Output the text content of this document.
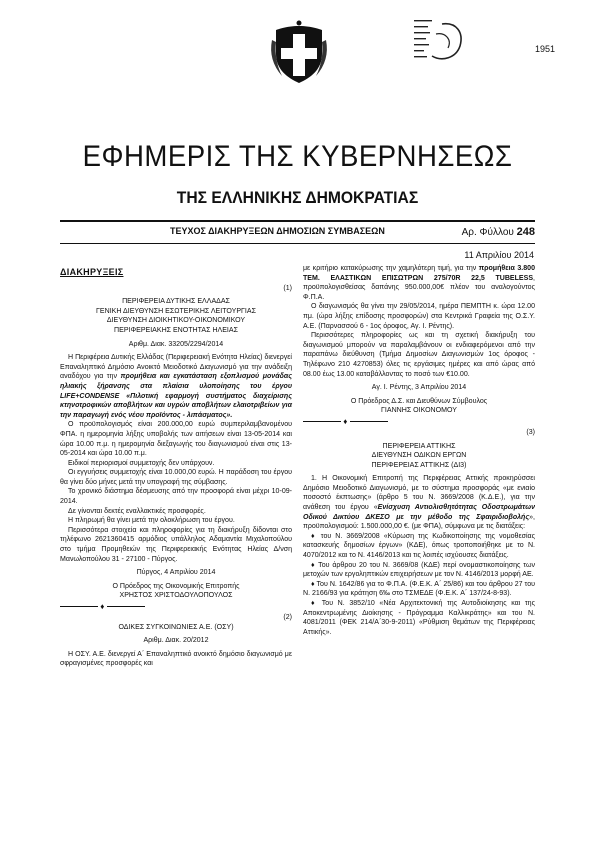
1951
ΕΦΗΜΕΡΙΣ ΤΗΣ ΚΥΒΕΡΝΗΣΕΩΣ
ΤΗΣ ΕΛΛΗΝΙΚΗΣ ΔΗΜΟΚΡΑΤΙΑΣ
ΤΕΥΧΟΣ ΔΙΑΚΗΡΥΞΕΩΝ ΔΗΜΟΣΙΩΝ ΣΥΜΒΑΣΕΩΝ	Αρ. Φύλλου 248
11 Απριλίου 2014

ΔΙΑΚΗΡΥΞΕΙΣ

(1)

ΠΕΡΙΦΕΡΕΙΑ ΔΥΤΙΚΗΣ ΕΛΛΑΔΑΣ

ΓΕΝΙΚΗ ΔΙΕΥΘΥΝΣΗ ΕΣΩΤΕΡΙΚΗΣ ΛΕΙΤΟΥΡΓΙΑΣ

ΔΙΕΥΘΥΝΣΗ ΔΙΟΙΚΗΤΙΚΟΥ-ΟΙΚΟΝΟΜΙΚΟΥ

ΠΕΡΙΦΕΡΕΙΑΚΗΣ ΕΝΟΤΗΤΑΣ ΗΛΕΙΑΣ

Αριθμ. Διακ. 33205/2294/2014

Η Περιφέρεια Δυτικής Ελλάδας (Περιφερειακή Ενότητα Ηλείας) διενεργεί Επαναληπτικό Δημόσιο Ανοικτό Μειοδοτικό Διαγωνισμό για την ανάδειξη αναδόχου για την προμήθεια και εγκατάσταση εξοπλισμού μονάδας ηλιακής ξήρανσης στα πλαίσια υλοποίησης του έργου LIFE+CONDENSE «Πιλοτική εφαρμογή συστήματος διαχείρισης κτηνοτροφικών αποβλήτων και υγρών αποβλήτων ελαιοτριβείων για την παραγωγή ενός νέου προϊόντος - λιπάσματος».

Ο προϋπολογισμός είναι 200.000,00 ευρώ συμπεριλαμβανομένου ΦΠΑ. η ημερομηνία λήξης υποβολής των αιτήσεων είναι 13-05-2014 και ώρα 10.00 π.μ. η ημερομηνία διεξαγωγής του διαγωνισμού είναι στις 13-05-2014 και ώρα 10.00 π.μ.

Ειδικοί περιορισμοί συμμετοχής δεν υπάρχουν.

Οι εγγυήσεις συμμετοχής είναι 10.000,00 ευρώ. Η παράδοση του έργου θα γίνει δύο μήνες μετά την υπογραφή της σύμβασης.

Το χρονικό διάστημα δέσμευσης από την προσφορά είναι μέχρι 10-09-2014.

Δε γίνονται δεκτές εναλλακτικές προσφορές.

Η πληρωμή θα γίνει μετά την ολοκλήρωση του έργου.

Περισσότερα στοιχεία και πληροφορίες για τη διακήρυξη δίδονται στο τηλέφωνο 2621360415 αρμόδιος υπάλληλος Αδαμαντία Μιχαλοπούλου στο τμήμα Προμηθειών της Περιφερειακής Ενότητας Ηλείας Δ/νση Μανωλοπούλου 31 - 27100 - Πύργος.

Πύργος, 4 Απριλίου 2014

Ο Πρόεδρος της Οικονομικής Επιτροπής

ΧΡΗΣΤΟΣ ΧΡΙΣΤΟΔΟΥΛΟΠΟΥΛΟΣ

♦

(2)

ΟΔΙΚΕΣ ΣΥΓΚΟΙΝΩΝΙΕΣ Α.Ε. (ΟΣΥ)

Αριθμ. Διακ. 20/2012

Η ΟΣΥ. Α.Ε. διενεργεί Α΄ Επαναληπτικό ανοικτό δημόσιο διαγωνισμό με σφραγισμένες προσφορές και

με κριτήριο κατακύρωσης την χαμηλότερη τιμή, για την προμήθεια 3.800 ΤΕΜ. ΕΛΑΣΤΙΚΩΝ ΕΠΙΣΩΤΡΩΝ 275/70R 22,5 TUBELESS, προϋπολογισθείσας δαπάνης 950.000,00€ πλέον του αναλογούντος Φ.Π.Α.

Ο διαγωνισμός θα γίνει την 29/05/2014, ημέρα ΠΕΜΠΤΗ κ. ώρα 12.00 πμ. (ώρα λήξης επίδοσης προσφορών) στα Κεντρικά Γραφεία της Ο.Σ.Υ. Α.Ε. (Παρνασσού 6 - 1ος όροφος, Αγ. Ι. Ρέντης).

Περισσότερες πληροφορίες ως και τη σχετική διακήρυξη του διαγωνισμού μπορούν να παραλαμβάνουν οι ενδιαφερόμενοι από την παραπάνω διεύθυνση (Τμήμα Δημοσίων Διαγωνισμών 1ος όροφος - Τηλέφωνο 210 4270853) όλες τις εργάσιμες ημέρες και από ώρας από 08.00 έως 13.00 καταβάλλοντας το ποσό των €10.00.

Αγ. Ι. Ρέντης, 3 Απριλίου 2014

Ο Πρόεδρος Δ.Σ. και Διευθύνων Σύμβουλος

ΓΙΑΝΝΗΣ ΟΙΚΟΝΟΜΟΥ

♦

(3)

ΠΕΡΙΦΕΡΕΙΑ ΑΤΤΙΚΗΣ

ΔΙΕΥΘΥΝΣΗ ΟΔΙΚΩΝ ΕΡΓΩΝ

ΠΕΡΙΦΕΡΕΙΑΣ ΑΤΤΙΚΗΣ (ΔΙ3)

1. Η Οικονομική Επιτροπή της Περιφέρειας Αττικής προκηρύσσει Δημόσιο Μειοδοτικό Διαγωνισμό, με το σύστημα προσφοράς «με ενιαίο ποσοστό έκπτωσης» (άρθρο 5 του Ν. 3669/2008 (Κ.Δ.Ε.), για την ανάθεση του έργου «Ενίσχυση Αντιολισθητότητας Οδοστρωμάτων Οδικού Δικτύου ΔΚΕΣΟ με την μέθοδο της Σφαιριδιοβολής», προϋπολογισμού: 1.500.000,00 €. (με ΦΠΑ), σύμφωνα με τις διατάξεις:

♦ του Ν. 3669/2008 «Κύρωση της Κωδικοποίησης της νομοθεσίας κατασκευής δημοσίων έργων» (ΚΔΕ), όπως τροποποιήθηκε με το Ν. 4070/2012 και το Ν. 4146/2013 και τις λοιπές ισχύουσες διατάξεις.

♦ Του άρθρου 20 του Ν. 3669/08 (ΚΔΕ) περί ονομαστικοποίησης των μετοχών των εργοληπτικών επιχειρήσεων με τον Ν. 4146/2013 μορφή ΑΕ.

♦ Του Ν. 1642/86 για το Φ.Π.Α. (Φ.Ε.Κ. Α΄ 25/86) και του άρθρου 27 του Ν. 2166/93 για κράτηση 6‰ στο ΤΣΜΕΔΕ (Φ.Ε.Κ. Α΄ 137/24-8-93).

♦ Του Ν. 3852/10 «Νέα Αρχιτεκτονική της Αυτοδιοίκησης και της Αποκεντρωμένης Διοίκησης - Πρόγραμμα Καλλικράτης» και του Ν. 4081/2011 (ΦΕΚ 214/Α΄30-9-2011) «Ρύθμιση θεμάτων της Περιφέρειας Αττικής».
